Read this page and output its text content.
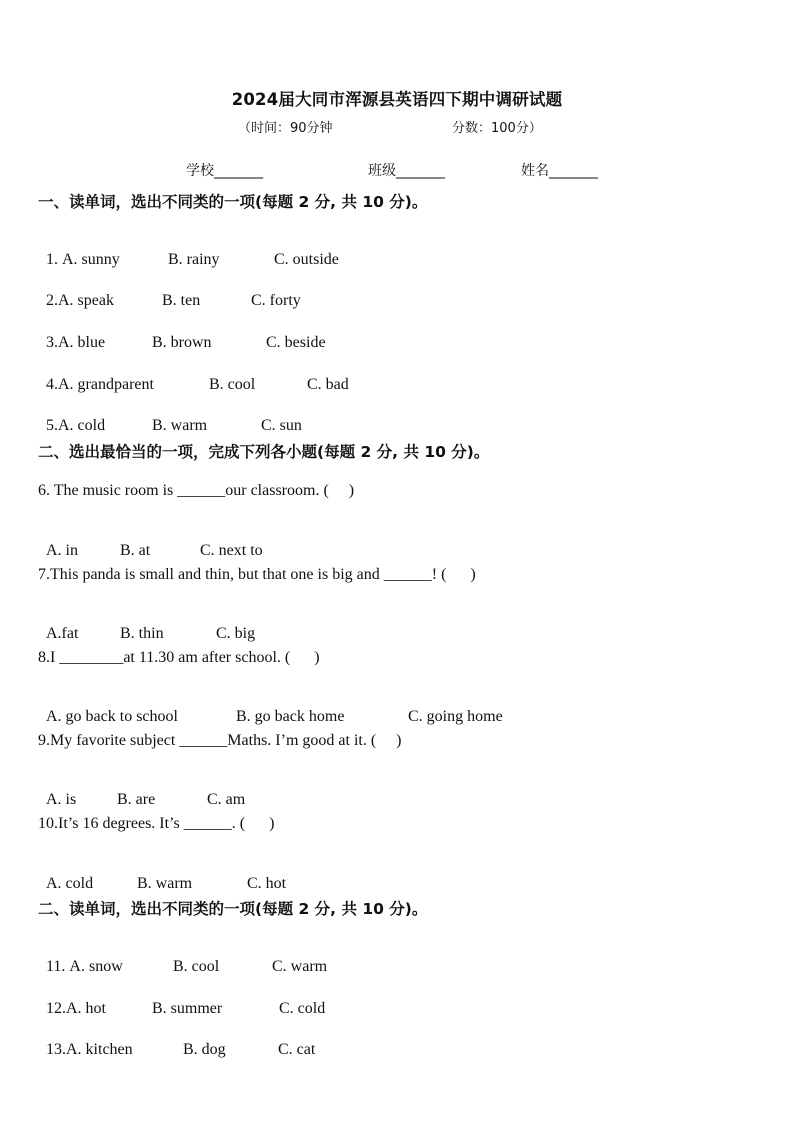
2024届大同市浑源县英语四下期中调研试题
（时间：90分钟	分数：100分）
学校_______	班级_______	姓名_______
一、读单词，选出不同类的一项(每题 2 分, 共 10 分)。

1. A. sunny	B. rainy	C. outside

2.A. speak	B. ten	C. forty

3.A. blue	B. brown	C. beside

4.A. grandparent	B. cool	C. bad

5.A. cold	B. warm	C. sun

二、选出最恰当的一项，完成下列各小题(每题 2 分, 共 10 分)。
6. The music room is ______our classroom. (     )

A. in	B. at	C. next to

7.This panda is small and thin, but that one is big and ______! (      )

A.fat	B. thin	C. big

8.I ________at 11.30 am after school. (      )

A. go back to school	B. go back home	C. going home

9.My favorite subject ______Maths. I’m good at it. (     )

A. is	B. are	C. am

10.It’s 16 degrees. It’s ______. (      )

A. cold	B. warm	C. hot

二、读单词，选出不同类的一项(每题 2 分, 共 10 分)。

11. A. snow	B. cool	C. warm

12.A. hot	B. summer	C. cold

13.A. kitchen	B. dog	C. cat
